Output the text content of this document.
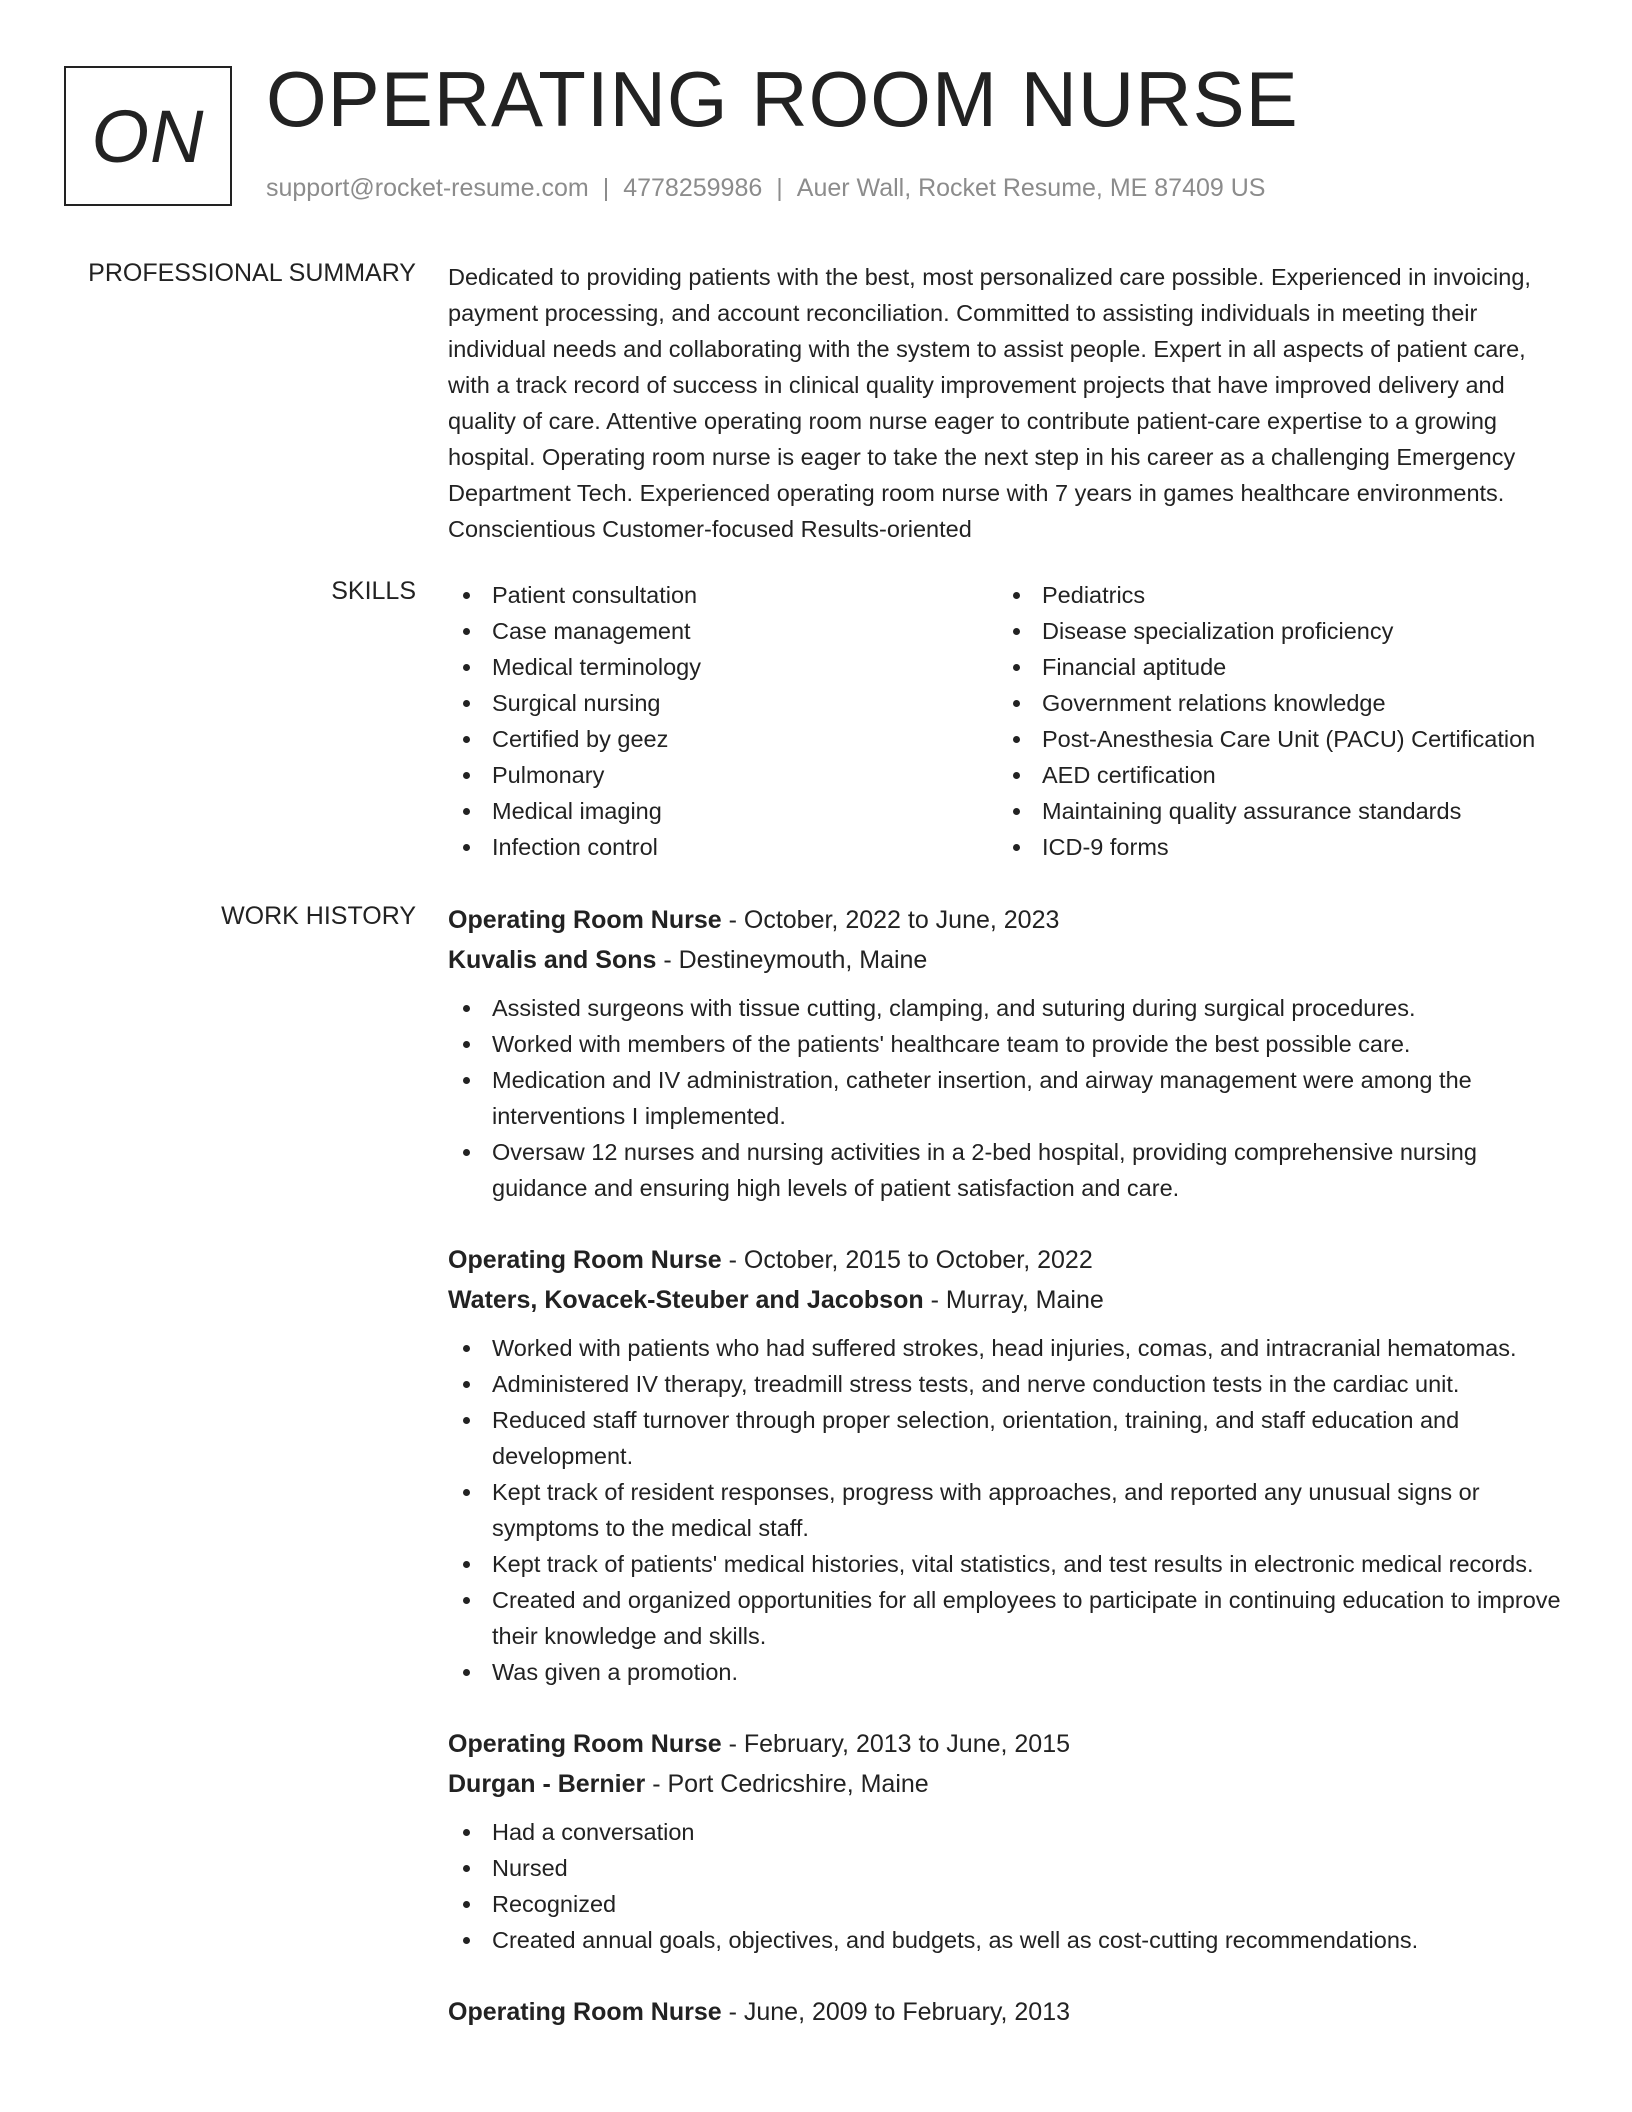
ON OPERATING ROOM NURSE
support@rocket-resume.com | 4778259986 | Auer Wall, Rocket Resume, ME 87409 US
PROFESSIONAL SUMMARY Dedicated to providing patients with the best, most personalized care possible. Experienced in invoicing, payment processing, and account reconciliation. Committed to assisting individuals in meeting their individual needs and collaborating with the system to assist people. Expert in all aspects of patient care, with a track record of success in clinical quality improvement projects that have improved delivery and quality of care. Attentive operating room nurse eager to contribute patient-care expertise to a growing hospital. Operating room nurse is eager to take the next step in his career as a challenging Emergency Department Tech. Experienced operating room nurse with 7 years in games healthcare environments. Conscientious Customer-focused Results-oriented

SKILLS	Patient consultation
Case management
Medical terminology
Surgical nursing
Certified by geez
Pulmonary
Medical imaging
Infection control
Pediatrics
Disease specialization proficiency
Financial aptitude
Government relations knowledge
Post-Anesthesia Care Unit (PACU) Certification
AED certification
Maintaining quality assurance standards
ICD-9 forms
WORK HISTORY Operating Room Nurse - October, 2022 to June, 2023
Kuvalis and Sons - Destineymouth, Maine
Assisted surgeons with tissue cutting, clamping, and suturing during surgical procedures.
Worked with members of the patients' healthcare team to provide the best possible care.
Medication and IV administration, catheter insertion, and airway management were among the interventions I implemented.
Oversaw 12 nurses and nursing activities in a 2-bed hospital, providing comprehensive nursing guidance and ensuring high levels of patient satisfaction and care.
Operating Room Nurse - October, 2015 to October, 2022
Waters, Kovacek-Steuber and Jacobson - Murray, Maine
Worked with patients who had suffered strokes, head injuries, comas, and intracranial hematomas.
Administered IV therapy, treadmill stress tests, and nerve conduction tests in the cardiac unit.
Reduced staff turnover through proper selection, orientation, training, and staff education and development.
Kept track of resident responses, progress with approaches, and reported any unusual signs or symptoms to the medical staff.
Kept track of patients' medical histories, vital statistics, and test results in electronic medical records.
Created and organized opportunities for all employees to participate in continuing education to improve their knowledge and skills.
Was given a promotion.
Operating Room Nurse - February, 2013 to June, 2015
Durgan - Bernier - Port Cedricshire, Maine
Had a conversation
Nursed
Recognized
Created annual goals, objectives, and budgets, as well as cost-cutting recommendations.
Operating Room Nurse - June, 2009 to February, 2013
